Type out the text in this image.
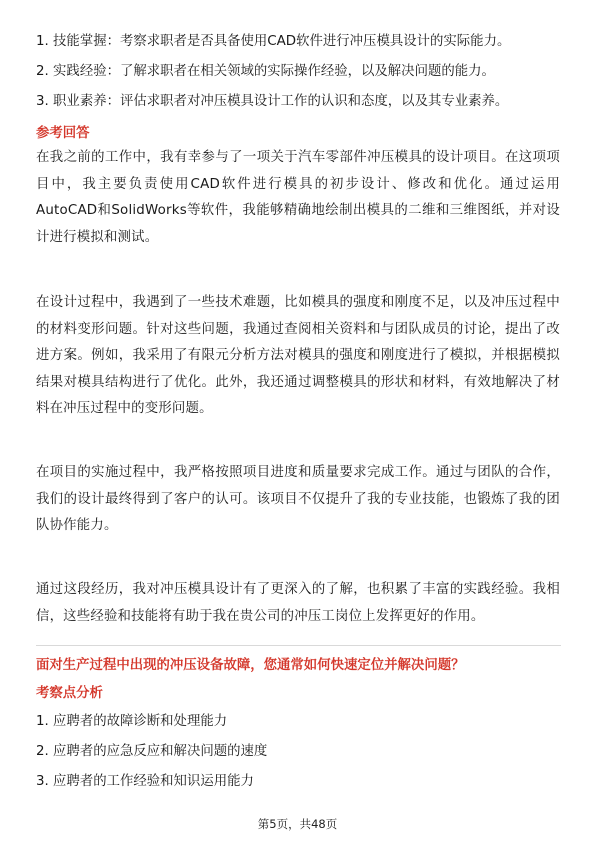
1. 技能掌握：考察求职者是否具备使用CAD软件进行冲压模具设计的实际能力。
2. 实践经验：了解求职者在相关领域的实际操作经验，以及解决问题的能力。
3. 职业素养：评估求职者对冲压模具设计工作的认识和态度，以及其专业素养。
参考回答
在我之前的工作中，我有幸参与了一项关于汽车零部件冲压模具的设计项目。在这项项目中，我主要负责使用CAD软件进行模具的初步设计、修改和优化。通过运用AutoCAD和SolidWorks等软件，我能够精确地绘制出模具的二维和三维图纸，并对设计进行模拟和测试。
在设计过程中，我遇到了一些技术难题，比如模具的强度和刚度不足，以及冲压过程中的材料变形问题。针对这些问题，我通过查阅相关资料和与团队成员的讨论，提出了改进方案。例如，我采用了有限元分析方法对模具的强度和刚度进行了模拟，并根据模拟结果对模具结构进行了优化。此外，我还通过调整模具的形状和材料，有效地解决了材料在冲压过程中的变形问题。
在项目的实施过程中，我严格按照项目进度和质量要求完成工作。通过与团队的合作，我们的设计最终得到了客户的认可。该项目不仅提升了我的专业技能，也锻炼了我的团队协作能力。
通过这段经历，我对冲压模具设计有了更深入的了解，也积累了丰富的实践经验。我相信，这些经验和技能将有助于我在贵公司的冲压工岗位上发挥更好的作用。
面对生产过程中出现的冲压设备故障，您通常如何快速定位并解决问题？
考察点分析
1. 应聘者的故障诊断和处理能力
2. 应聘者的应急反应和解决问题的速度
3. 应聘者的工作经验和知识运用能力
第5页，共48页
